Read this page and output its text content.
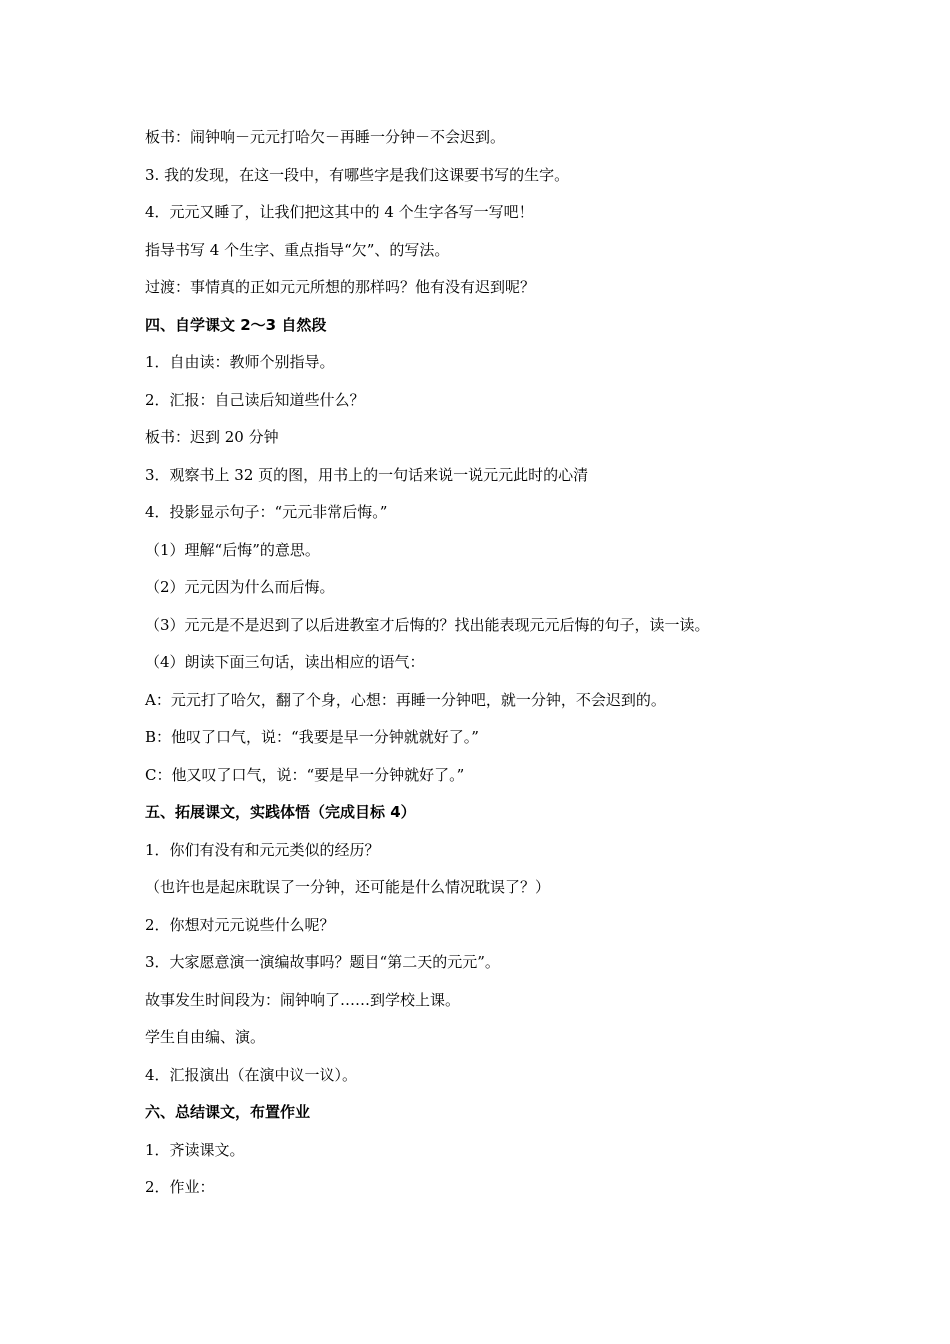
板书：闹钟响－元元打哈欠－再睡一分钟－不会迟到。
3. 我的发现，在这一段中，有哪些字是我们这课要书写的生字。
4．元元又睡了，让我们把这其中的 4 个生字各写一写吧！
指导书写 4 个生字、重点指导“欠”、的写法。
过渡：事情真的正如元元所想的那样吗？他有没有迟到呢？
四、自学课文 2～3 自然段
1．自由读：教师个别指导。
2．汇报：自己读后知道些什么？
板书：迟到 20 分钟
3．观察书上 32 页的图，用书上的一句话来说一说元元此时的心清
4．投影显示句子：“元元非常后悔。”
（1）理解“后悔”的意思。
（2）元元因为什么而后悔。
（3）元元是不是迟到了以后进教室才后悔的？找出能表现元元后悔的句子，读一读。
（4）朗读下面三句话，读出相应的语气：
A：元元打了哈欠，翻了个身，心想：再睡一分钟吧，就一分钟，不会迟到的。
B：他叹了口气，说：“我要是早一分钟就就好了。”
C：他又叹了口气，说：“要是早一分钟就好了。”
五、拓展课文，实践体悟（完成目标 4）
1．你们有没有和元元类似的经历？
（也许也是起床耽误了一分钟，还可能是什么情况耽误了？）
2．你想对元元说些什么呢？
3．大家愿意演一演编故事吗？题目“第二天的元元”。
故事发生时间段为：闹钟响了……到学校上课。
学生自由编、演。
4．汇报演出（在演中议一议）。
六、总结课文，布置作业
1．齐读课文。
2．作业：
